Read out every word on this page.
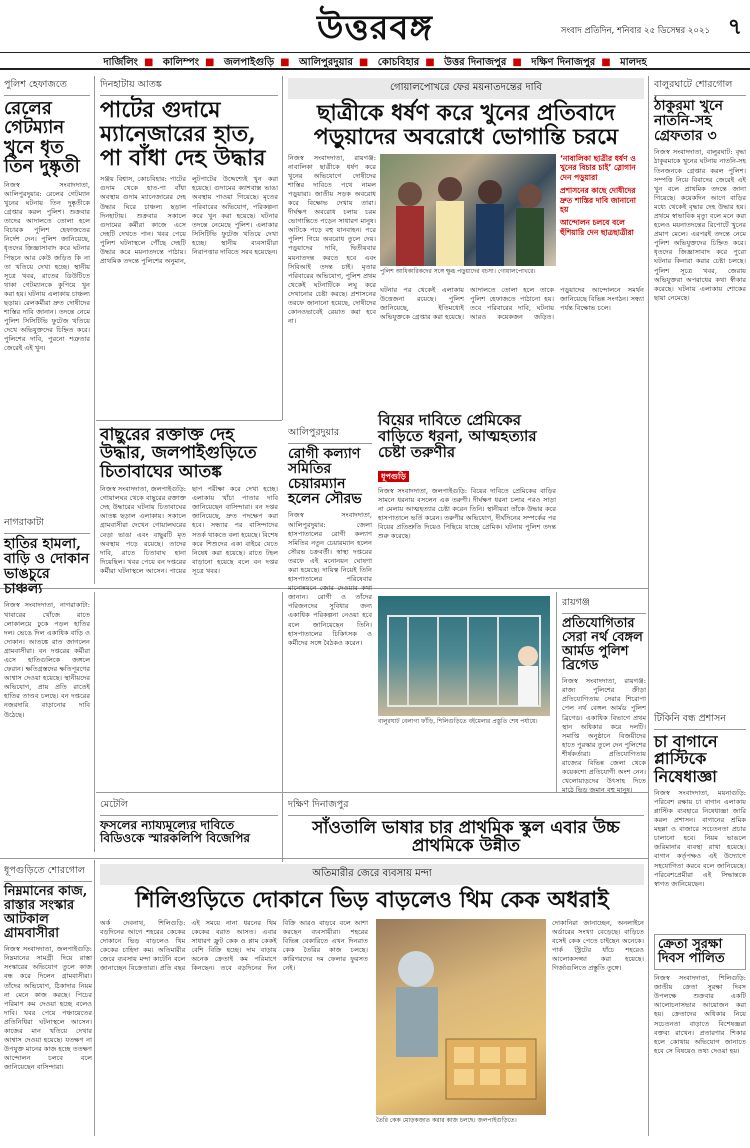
উত্তরবঙ্গ	সংবাদ প্রতিদিন, শনিবার ২৫ ডিসেম্বর ২০২১ ৭
দার্জিলিং ■ কালিম্পং ■ জলপাইগুড়ি ■ আলিপুরদুয়ার ■ কোচবিহার ■ উত্তর দিনাজপুর ■ দক্ষিণ দিনাজপুর ■ মালদহ
পুলিশ হেফাজতে
রেলের গেটম্যান খুনে ধৃত তিন দুষ্কৃতী
নিজস্ব সংবাদদাতা, আলিপুরদুয়ার: রেলের গেটম্যান খুনের ঘটনায় তিন দুষ্কৃতীকে গ্রেপ্তার করল পুলিশ। শুক্রবার তাদের আদালতে তোলা হলে বিচারক পুলিশ হেফাজতের নির্দেশ দেন। পুলিশ জানিয়েছে, ধৃতদের জিজ্ঞাসাবাদ করে ঘটনার পিছনে আর কেউ জড়িত কি না তা খতিয়ে দেখা হচ্ছে। স্থানীয় সূত্রে খবর, রাতের ডিউটিতে থাকা গেটম্যানকে কুপিয়ে খুন করা হয়। ঘটনায় এলাকায় চাঞ্চল্য ছড়ায়। রেলকর্মীরা দ্রুত দোষীদের শাস্তির দাবি জানান। তদন্তে নেমে পুলিশ সিসিটিভি ফুটেজ খতিয়ে দেখে অভিযুক্তদের চিহ্নিত করে। পুলিশের দাবি, পুরনো শত্রুতার জেরেই এই খুন।
নাগরাকাটা
হাতির হামলা, বাড়ি ও দোকান ভাঙচুরে চাঞ্চল্য
নিজস্ব সংবাদদাতা, নাগরাকাটা: খাবারের খোঁজে রাতে লোকালয়ে ঢুকে পড়ল হাতির দল। ভেঙে দিল একাধিক বাড়ি ও দোকান। আতঙ্কে রাত জাগলেন গ্রামবাসীরা। বন দপ্তরের কর্মীরা এসে হাতিগুলিকে জঙ্গলে ফেরান। ক্ষতিগ্রস্তদের ক্ষতিপূরণের আশ্বাস দেওয়া হয়েছে। স্থানীয়দের অভিযোগ, প্রায় প্রতি রাতেই হাতির তাণ্ডব চলছে। বন দপ্তরের নজরদারি বাড়ানোর দাবি উঠেছে।
দিনহাটায় আতঙ্ক
পাটের গুদামে ম্যানেজারের হাত, পা বাঁধা দেহ উদ্ধার
সঞ্জয় বিশ্বাস, কোচবিহার: পাটের গুদাম থেকে হাত-পা বাঁধা অবস্থায় গুদাম ম্যানেজারের দেহ উদ্ধার ঘিরে চাঞ্চল্য ছড়াল দিনহাটায়। শুক্রবার সকালে গুদামের কর্মীরা কাজে এসে দেহটি দেখতে পান। খবর পেয়ে পুলিশ ঘটনাস্থলে পৌঁছে দেহটি উদ্ধার করে ময়নাতদন্তে পাঠায়। প্রাথমিক তদন্তে পুলিশের অনুমান, লুটপাটের উদ্দেশ্যেই খুন করা হয়েছে। গুদামের ক্যাশবাক্স ভাঙা অবস্থায় পাওয়া গিয়েছে। মৃতের পরিবারের অভিযোগ, পরিকল্পনা করে খুন করা হয়েছে। ঘটনার তদন্তে নেমেছে পুলিশ। এলাকার সিসিটিভি ফুটেজ খতিয়ে দেখা হচ্ছে। স্থানীয় ব্যবসায়ীরা নিরাপত্তার দাবিতে সরব হয়েছেন।
গোয়ালপোখরে ফের ময়নাতদন্তের দাবি
ছাত্রীকে ধর্ষণ করে খুনের প্রতিবাদে পড়ুয়াদের অবরোধে ভোগান্তি চরমে
নিজস্ব সংবাদদাতা, রায়গঞ্জ: নাবালিকা ছাত্রীকে ধর্ষণ করে খুনের অভিযোগে দোষীদের শাস্তির দাবিতে পথে নামল পড়ুয়ারা। জাতীয় সড়ক অবরোধ করে বিক্ষোভ দেখায় তারা। দীর্ঘক্ষণ অবরোধ চলায় চরম ভোগান্তিতে পড়েন সাধারণ মানুষ। আটকে পড়ে বহু যানবাহন। পরে পুলিশ গিয়ে অবরোধ তুলে দেয়। পড়ুয়াদের দাবি, দ্বিতীয়বার ময়নাতদন্ত করতে হবে এবং সিবিআই তদন্ত চাই। মৃতার পরিবারের অভিযোগ, পুলিশ প্রথম থেকেই ঘটনাটিকে লঘু করে দেখানোর চেষ্টা করছে। প্রশাসনের তরফে জানানো হয়েছে, দোষীদের কোনওভাবেই রেয়াত করা হবে না।
পুলিশ আধিকারিকদের সঙ্গে ক্ষুব্ধ পড়ুয়াদের বচসা। গোয়ালপোখরে।
‘নাবালিকা ছাত্রীর ধর্ষণ ও খুনের বিচার চাই’ স্লোগান দেন পড়ুয়ারা
প্রশাসনের কাছে দোষীদের দ্রুত শাস্তির দাবি জানানো হয়
আন্দোলন চলবে বলে হুঁশিয়ারি দেন ছাত্রছাত্রীরা
ঘটনার পর থেকেই এলাকায় উত্তেজনা রয়েছে। পুলিশ জানিয়েছে, ইতিমধ্যেই অভিযুক্তকে গ্রেপ্তার করা হয়েছে। আদালতে তোলা হলে তাকে পুলিশ হেফাজতে পাঠানো হয়। তবে পরিবারের দাবি, ঘটনায় আরও কয়েকজন জড়িত। পড়ুয়াদের আন্দোলনে সমর্থন জানিয়েছে বিভিন্ন সংগঠন। সন্ধ্যা পর্যন্ত বিক্ষোভ চলে।
বালুরঘাটে শোরগোল
ঠাকুরমা খুনে নাতনি-সহ গ্রেফতার ৩
নিজস্ব সংবাদদাতা, বালুরঘাট: বৃদ্ধা ঠাকুরমাকে খুনের ঘটনায় নাতনি-সহ তিনজনকে গ্রেপ্তার করল পুলিশ। সম্পত্তি নিয়ে বিবাদের জেরেই এই খুন বলে প্রাথমিক তদন্তে জানা গিয়েছে। কয়েকদিন আগে বাড়ির মধ্যে থেকেই বৃদ্ধার দেহ উদ্ধার হয়। প্রথমে স্বাভাবিক মৃত্যু বলে মনে করা হলেও ময়নাতদন্তের রিপোর্টে খুনের প্রমাণ মেলে। এরপরই তদন্তে নেমে পুলিশ অভিযুক্তদের চিহ্নিত করে। ধৃতদের জিজ্ঞাসাবাদ করে পুরো ঘটনার কিনারা করার চেষ্টা চলছে। পুলিশ সূত্রে খবর, জেরায় অভিযুক্তরা অপরাধের কথা স্বীকার করেছে। ঘটনায় এলাকায় শোকের ছায়া নেমেছে।
টিকিনি বন্ধ প্রশাসন
চা বাগানে প্লাস্টিকে নিষেধাজ্ঞা
নিজস্ব সংবাদদাতা, ময়নাগুড়ি: পরিবেশ রক্ষায় চা বাগান এলাকায় প্লাস্টিক ব্যবহারে নিষেধাজ্ঞা জারি করল প্রশাসন। বাগানের শ্রমিক মহল্লা ও বাজারে সচেতনতা প্রচার চালানো হবে। নিয়ম ভাঙলে জরিমানার ব্যবস্থা রাখা হয়েছে। বাগান কর্তৃপক্ষও এই উদ্যোগে সহযোগিতা করবে বলে জানিয়েছে। পরিবেশপ্রেমীরা এই সিদ্ধান্তকে স্বাগত জানিয়েছেন।
ক্রেতা সুরক্ষা দিবস পালিত
নিজস্ব সংবাদদাতা, শিলিগুড়ি: জাতীয় ক্রেতা সুরক্ষা দিবস উপলক্ষে শুক্রবার একটি আলোচনাসভার আয়োজন করা হয়। ক্রেতাদের অধিকার নিয়ে সচেতনতা বাড়াতে বিশেষজ্ঞরা বক্তব্য রাখেন। প্রতারণার শিকার হলে কোথায় অভিযোগ জানাতে হবে সে বিষয়েও তথ্য দেওয়া হয়।
বাছুরের রক্তাক্ত দেহ উদ্ধার, জলপাইগুড়িতে চিতাবাঘের আতঙ্ক
নিজস্ব সংবাদদাতা, জলপাইগুড়ি: গোয়ালঘর থেকে বাছুরের রক্তাক্ত দেহ উদ্ধারের ঘটনায় চিতাবাঘের আতঙ্ক ছড়াল এলাকায়। সকালে গ্রামবাসীরা দেখেন গোয়ালঘরের বেড়া ভাঙা এবং বাছুরটি মৃত অবস্থায় পড়ে রয়েছে। তাদের দাবি, রাতে চিতাবাঘ হানা দিয়েছিল। খবর পেয়ে বন দপ্তরের কর্মীরা ঘটনাস্থলে আসেন। পায়ের ছাপ পরীক্ষা করে দেখা হচ্ছে। এলাকায় খাঁচা পাতার দাবি জানিয়েছেন বাসিন্দারা। বন দপ্তর জানিয়েছে, দ্রুত পদক্ষেপ করা হবে। সন্ধ্যার পর বাসিন্দাদের সতর্ক থাকতে বলা হয়েছে। বিশেষ করে শিশুদের একা বাইরে যেতে নিষেধ করা হয়েছে। রাতে টহল বাড়ানো হয়েছে বলে বন দপ্তর সূত্রে খবর।
আলিপুরদুয়ার
রোগী কল্যাণ সমিতির চেয়ারম্যান হলেন সৌরভ
নিজস্ব সংবাদদাতা, আলিপুরদুয়ার: জেলা হাসপাতালের রোগী কল্যাণ সমিতির নতুন চেয়ারম্যান হলেন সৌরভ চক্রবর্তী। স্বাস্থ্য দপ্তরের তরফে এই মনোনয়ন ঘোষণা করা হয়েছে। দায়িত্ব নিয়েই তিনি হাসপাতালের পরিষেবার মানোন্নয়নে জোর দেওয়ার কথা জানান। রোগী ও তাঁদের পরিজনদের সুবিধার জন্য একাধিক পরিকল্পনা নেওয়া হবে বলে জানিয়েছেন তিনি। হাসপাতালের চিকিৎসক ও কর্মীদের সঙ্গে বৈঠকও করেন।
বিয়ের দাবিতে প্রেমিকের বাড়িতে ধরনা, আত্মহত্যার চেষ্টা তরুণীর
ধূপগুড়ি
নিজস্ব সংবাদদাতা, জলপাইগুড়ি: বিয়ের দাবিতে প্রেমিকের বাড়ির সামনে ধরনায় বসলেন এক তরুণী। দীর্ঘক্ষণ ধরনা চলার পরও সাড়া না মেলায় আত্মহত্যার চেষ্টা করেন তিনি। স্থানীয়রা তাঁকে উদ্ধার করে হাসপাতালে ভর্তি করেন। তরুণীর অভিযোগ, দীর্ঘদিনের সম্পর্কের পর বিয়ের প্রতিশ্রুতি দিয়েও পিছিয়ে যাচ্ছে প্রেমিক। ঘটনায় পুলিশ তদন্ত শুরু করেছে।
বালুরঘাট বেলাগা ফাঁড়ি, শিলিগুড়িতে বইমেলার প্রস্তুতি শেষ পর্যায়ে।
রায়গঞ্জ
প্রতিযোগিতার সেরা নর্থ বেঙ্গল আর্মড পুলিশ ব্রিগেড
নিজস্ব সংবাদদাতা, রায়গঞ্জ: রাজ্য পুলিশের ক্রীড়া প্রতিযোগিতায় সেরার শিরোপা পেল নর্থ বেঙ্গল আর্মড পুলিশ ব্রিগেড। একাধিক বিভাগে প্রথম স্থান অধিকার করে দলটি। সমাপ্তি অনুষ্ঠানে বিজয়ীদের হাতে পুরস্কার তুলে দেন পুলিশের শীর্ষকর্তারা। প্রতিযোগিতায় রাজ্যের বিভিন্ন জেলা থেকে কয়েকশো প্রতিযোগী অংশ নেন। খেলোয়াড়দের উৎসাহ দিতে মাঠে ভিড় জমান বহু মানুষ।
মেটেলি
ফসলের ন্যায্যমূল্যের দাবিতে বিডিওকে স্মারকলিপি বিজেপির
দক্ষিণ দিনাজপুর
সাঁওতালি ভাষার চার প্রাথমিক স্কুল এবার উচ্চ প্রাথমিকে উন্নীত
ধূপগুড়িতে শোরগোল
নিম্নমানের কাজ, রাস্তার সংস্কার আটকাল গ্রামবাসীরা
নিজস্ব সংবাদদাতা, জলপাইগুড়ি: নিম্নমানের সামগ্রী দিয়ে রাস্তা সংস্কারের অভিযোগ তুলে কাজ বন্ধ করে দিলেন গ্রামবাসীরা। তাঁদের অভিযোগ, ঠিকাদার নিয়ম না মেনে কাজ করছে। পিচের পরিমাণ কম দেওয়া হচ্ছে বলেও দাবি। খবর পেয়ে পঞ্চায়েতের প্রতিনিধিরা ঘটনাস্থলে আসেন। কাজের মান খতিয়ে দেখার আশ্বাস দেওয়া হয়েছে। যতক্ষণ না উপযুক্ত মানের কাজ হচ্ছে ততক্ষণ আন্দোলন চলবে বলে জানিয়েছেন বাসিন্দারা।
অতিমারীর জেরে ব্যবসায় মন্দা
শিলিগুড়িতে দোকানে ভিড় বাড়লেও থিম কেক অধরাই
অর্ক দেবনাথ, শিলিগুড়ি: বড়দিনের আগে শহরের কেকের দোকানে ভিড় বাড়লেও থিম কেকের চাহিদা কম। অতিমারীর জেরে ব্যবসায় মন্দা কাটেনি বলে জানাচ্ছেন বিক্রেতারা। প্রতি বছর এই সময়ে নানা ধরনের থিম কেকের বরাত আসত। এবার সাধারণ ফ্রুট কেক ও প্লাম কেকই বেশি বিক্রি হচ্ছে। দাম বাড়ায় অনেক ক্রেতাই কম পরিমাণে কিনছেন। তবে বড়দিনের দিন বিক্রি আরও বাড়বে বলে আশা করছেন ব্যবসায়ীরা। শহরের বিভিন্ন বেকারিতে এখন দিনরাত কেক তৈরির কাজ চলছে। কারিগরদের দম ফেলার ফুরসত নেই।
তৈরি কেক মোড়কজাত করার কাজ চলছে। জলপাইগুড়িতে।
দোকানিরা জানাচ্ছেন, অনলাইনে অর্ডারের সংখ্যা বেড়েছে। বাড়িতে বসেই কেক পেতে চাইছেন অনেকে। পার্ক স্ট্রিটের ধাঁচে শহরেও আলোকসজ্জা করা হয়েছে। গির্জাগুলিতে প্রস্তুতি তুঙ্গে।
